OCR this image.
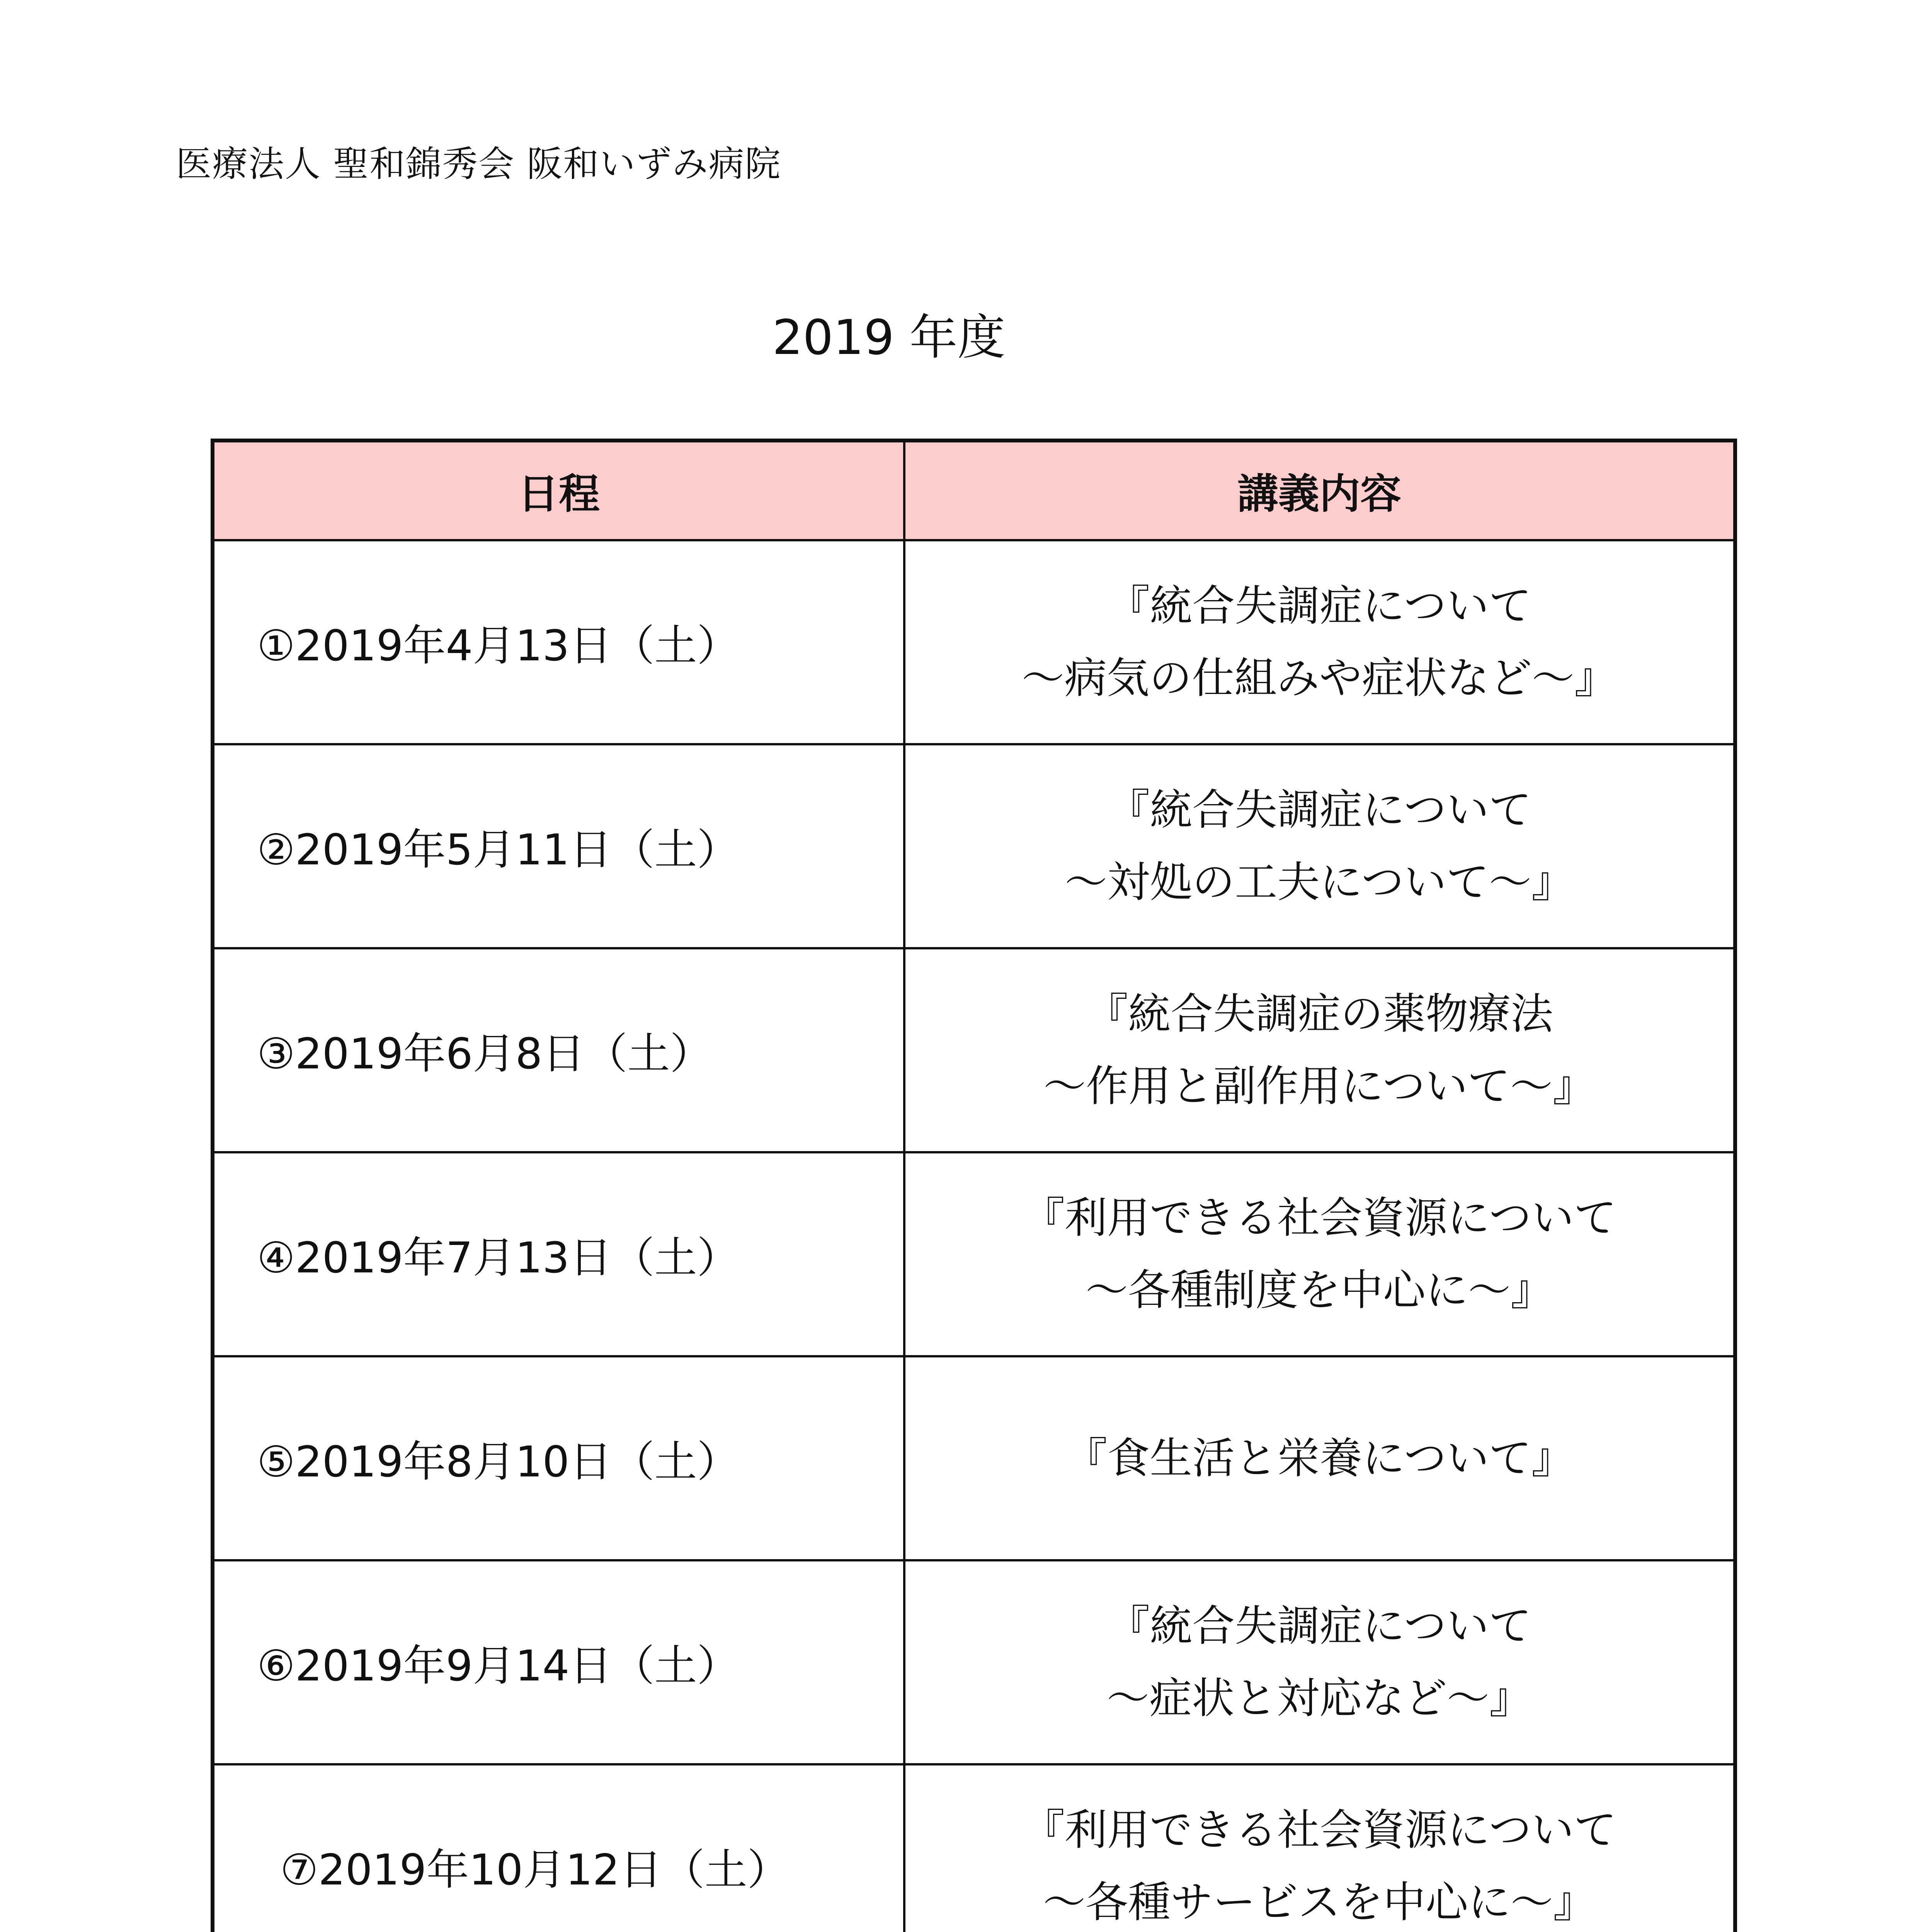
医療法人 聖和錦秀会 阪和いずみ病院
2019 年度
日程	講義内容
①2019年4月13日（土）	『統合失調症について
～病気の仕組みや症状など～』

②2019年5月11日（土）	『統合失調症について
～対処の工夫について～』

③2019年6月8日（土）	『統合失調症の薬物療法
～作用と副作用について～』

④2019年7月13日（土）	『利用できる社会資源について
～各種制度を中心に～』

⑤2019年8月10日（土）	『食生活と栄養について』

⑥2019年9月14日（土）	『統合失調症について
～症状と対応など～』

⑦2019年10月12日（土）	『利用できる社会資源について
～各種サービスを中心に～』
